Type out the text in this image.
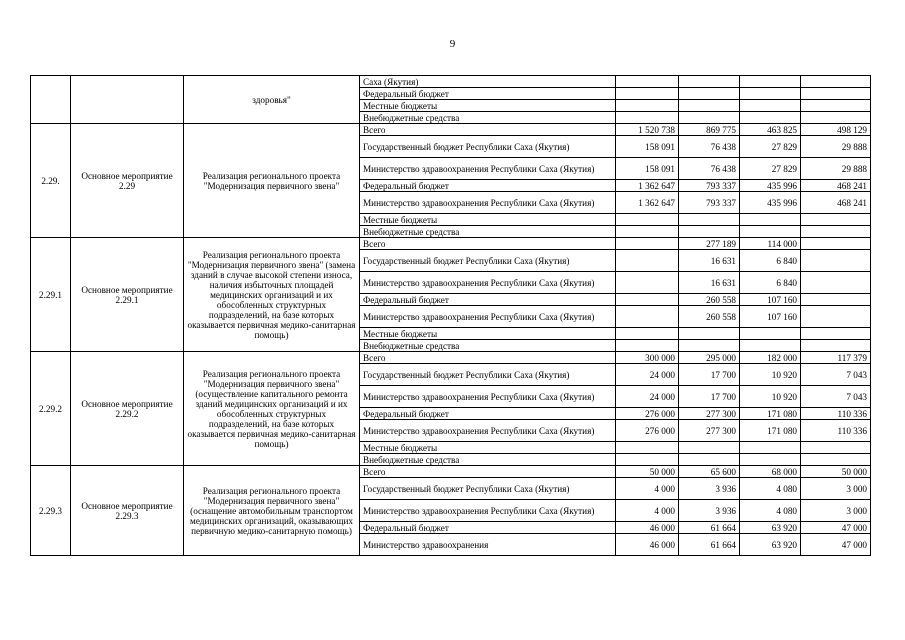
9
		здоровья"	Саха (Якутия)				
			Федеральный бюджет				
			Местные бюджеты				
			Внебюджетные средства				
2.29.	Основное мероприятие 2.29	Реализация регионального проекта "Модернизация первичного звена"	Всего	1 520 738	869 775	463 825	498 129
			Государственный бюджет Республики Саха (Якутия)	158 091	76 438	27 829	29 888
			Министерство здравоохранения Республики Саха (Якутия)	158 091	76 438	27 829	29 888
			Федеральный бюджет	1 362 647	793 337	435 996	468 241
			Министерство здравоохранения Республики Саха (Якутия)	1 362 647	793 337	435 996	468 241
			Местные бюджеты				
			Внебюджетные средства				
2.29.1	Основное мероприятие 2.29.1	Реализация регионального проекта "Модернизация первичного звена" (замена зданий в случае высокой степени износа, наличия избыточных площадей медицинских организаций и их обособленных структурных подразделений, на базе которых оказывается первичная медико-санитарная помощь)	Всего		277 189	114 000	
			Государственный бюджет Республики Саха (Якутия)		16 631	6 840	
			Министерство здравоохранения Республики Саха (Якутия)		16 631	6 840	
			Федеральный бюджет		260 558	107 160	
			Министерство здравоохранения Республики Саха (Якутия)		260 558	107 160	
			Местные бюджеты				
			Внебюджетные средства				
2.29.2	Основное мероприятие 2.29.2	Реализация регионального проекта "Модернизация первичного звена" (осуществление капитального ремонта зданий медицинских организаций и их обособленных структурных подразделений, на базе которых оказывается первичная медико-санитарная помощь)	Всего	300 000	295 000	182 000	117 379
			Государственный бюджет Республики Саха (Якутия)	24 000	17 700	10 920	7 043
			Министерство здравоохранения Республики Саха (Якутия)	24 000	17 700	10 920	7 043
			Федеральный бюджет	276 000	277 300	171 080	110 336
			Министерство здравоохранения Республики Саха (Якутия)	276 000	277 300	171 080	110 336
			Местные бюджеты				
			Внебюджетные средства				
2.29.3	Основное мероприятие 2.29.3	Реализация регионального проекта "Модернизация первичного звена" (оснащение автомобильным транспортом медицинских организаций, оказывающих первичную медико-санитарную помощь)	Всего	50 000	65 600	68 000	50 000
			Государственный бюджет Республики Саха (Якутия)	4 000	3 936	4 080	3 000
			Министерство здравоохранения Республики Саха (Якутия)	4 000	3 936	4 080	3 000
			Федеральный бюджет	46 000	61 664	63 920	47 000
			Министерство здравоохранения	46 000	61 664	63 920	47 000
